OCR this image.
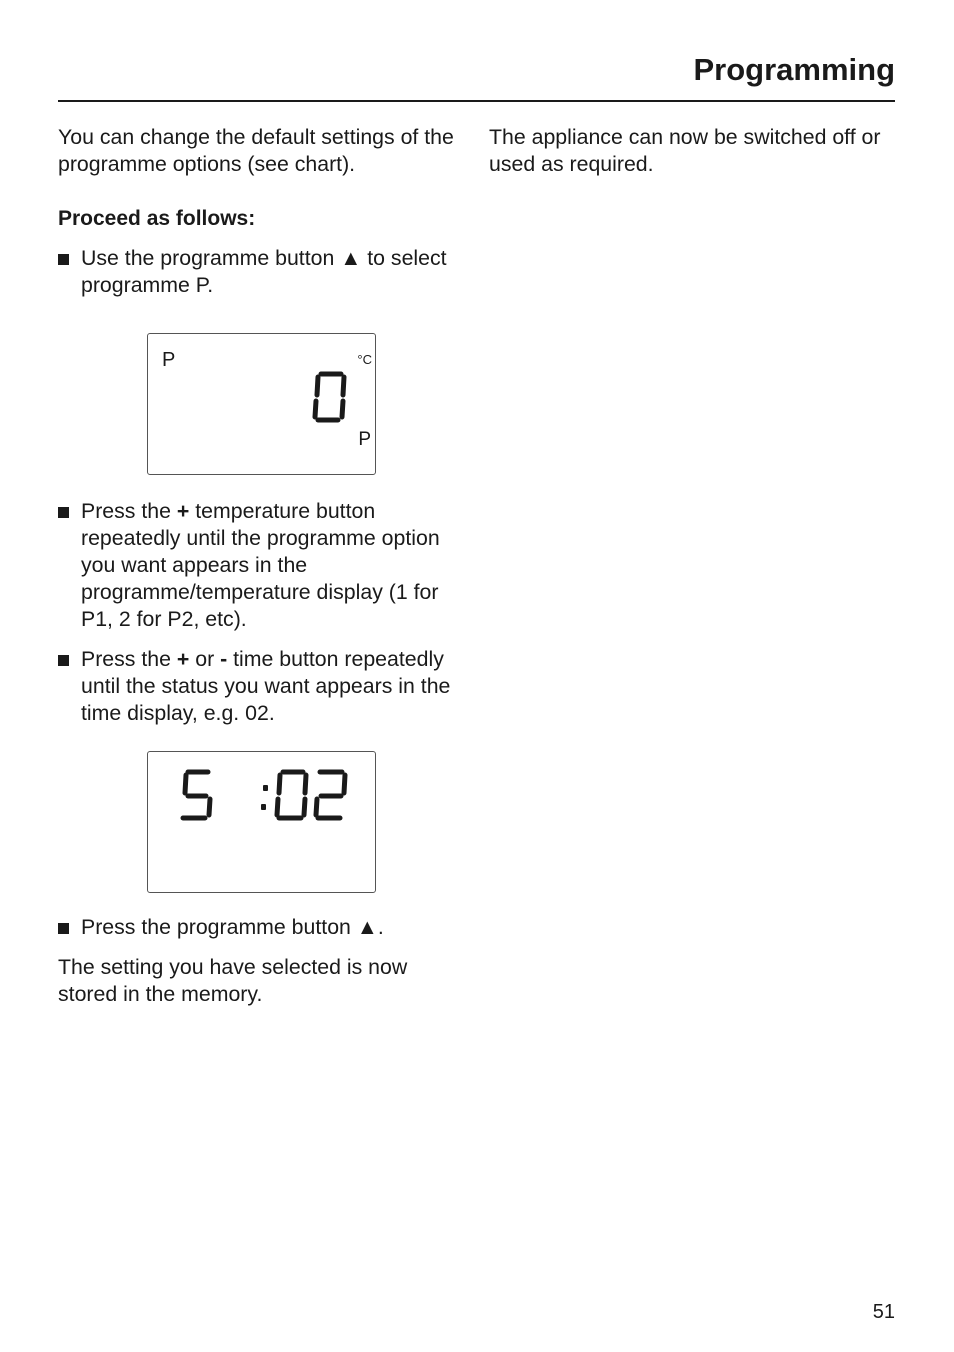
Programming

You can change the default settings of the programme options (see chart).

Proceed as follows:

Use the programme button ▲ to select programme P.
P	°C
P
Press the + temperature button repeatedly until the programme option you want appears in the programme/temperature display (1 for P1, 2 for P2, etc).
Press the + or - time button repeatedly until the status you want appears in the time display, e.g. 02.
Press the programme button ▲.

The setting you have selected is now stored in the memory.

The appliance can now be switched off or used as required.

51
